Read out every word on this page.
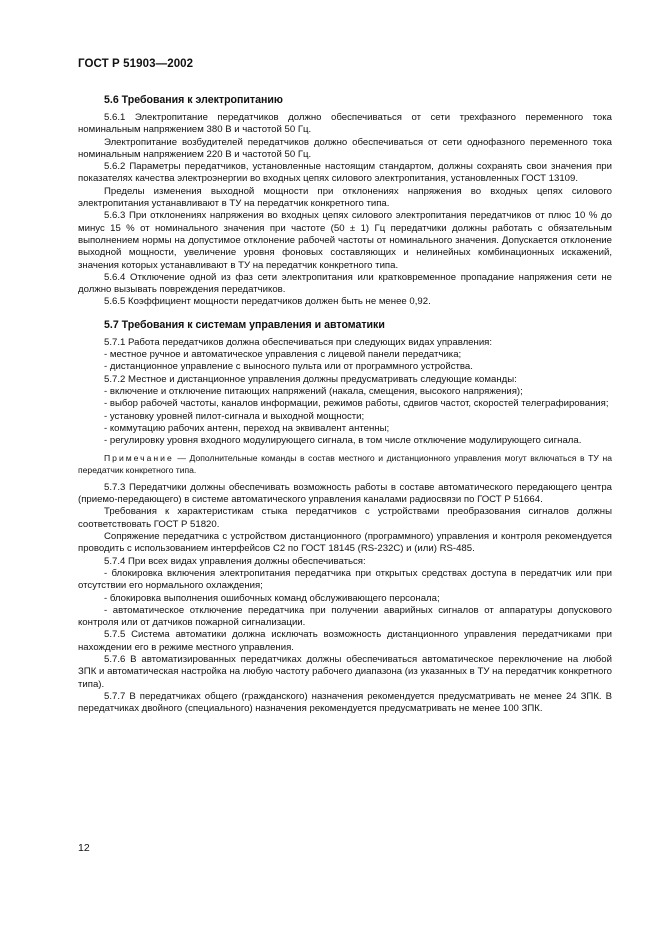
ГОСТ Р 51903—2002
5.6 Требования к электропитанию

5.6.1 Электропитание передатчиков должно обеспечиваться от сети трехфазного переменного тока номинальным напряжением 380 В и частотой 50 Гц.

Электропитание возбудителей передатчиков должно обеспечиваться от сети однофазного переменного тока номинальным напряжением 220 В и частотой 50 Гц.

5.6.2 Параметры передатчиков, установленные настоящим стандартом, должны сохранять свои значения при показателях качества электроэнергии во входных цепях силового электропитания, установленных ГОСТ 13109.

Пределы изменения выходной мощности при отклонениях напряжения во входных цепях силового электропитания устанавливают в ТУ на передатчик конкретного типа.

5.6.3 При отклонениях напряжения во входных цепях силового электропитания передатчиков от плюс 10 % до минус 15 % от номинального значения при частоте (50 ± 1) Гц передатчики должны работать с обязательным выполнением нормы на допустимое отклонение рабочей частоты от номинального значения. Допускается отклонение выходной мощности, увеличение уровня фоновых составляющих и нелинейных комбинационных искажений, значения которых устанавливают в ТУ на передатчик конкретного типа.

5.6.4 Отключение одной из фаз сети электропитания или кратковременное пропадание напряжения сети не должно вызывать повреждения передатчиков.

5.6.5 Коэффициент мощности передатчиков должен быть не менее 0,92.

5.7 Требования к системам управления и автоматики

5.7.1 Работа передатчиков должна обеспечиваться при следующих видах управления:

- местное ручное и автоматическое управления с лицевой панели передатчика;

- дистанционное управление с выносного пульта или от программного устройства.

5.7.2 Местное и дистанционное управления должны предусматривать следующие команды:

- включение и отключение питающих напряжений (накала, смещения, высокого напряжения);

- выбор рабочей частоты, каналов информации, режимов работы, сдвигов частот, скоростей телеграфирования;

- установку уровней пилот-сигнала и выходной мощности;

- коммутацию рабочих антенн, переход на эквивалент антенны;

- регулировку уровня входного модулирующего сигнала, в том числе отключение модулирующего сигнала.

Примечание — Дополнительные команды в состав местного и дистанционного управления могут включаться в ТУ на передатчик конкретного типа.

5.7.3 Передатчики должны обеспечивать возможность работы в составе автоматического передающего центра (приемо-передающего) в системе автоматического управления каналами радиосвязи по ГОСТ Р 51664.

Требования к характеристикам стыка передатчиков с устройствами преобразования сигналов должны соответствовать ГОСТ Р 51820.

Сопряжение передатчика с устройством дистанционного (программного) управления и контроля рекомендуется проводить с использованием интерфейсов С2 по ГОСТ 18145 (RS-232C) и (или) RS-485.

5.7.4 При всех видах управления должны обеспечиваться:

- блокировка включения электропитания передатчика при открытых средствах доступа в передатчик или при отсутствии его нормального охлаждения;

- блокировка выполнения ошибочных команд обслуживающего персонала;

- автоматическое отключение передатчика при получении аварийных сигналов от аппаратуры допускового контроля или от датчиков пожарной сигнализации.

5.7.5 Система автоматики должна исключать возможность дистанционного управления передатчиками при нахождении его в режиме местного управления.

5.7.6 В автоматизированных передатчиках должны обеспечиваться автоматическое переключение на любой ЗПК и автоматическая настройка на любую частоту рабочего диапазона (из указанных в ТУ на передатчик конкретного типа).

5.7.7 В передатчиках общего (гражданского) назначения рекомендуется предусматривать не менее 24 ЗПК. В передатчиках двойного (специального) назначения рекомендуется предусматривать не менее 100 ЗПК.

12
